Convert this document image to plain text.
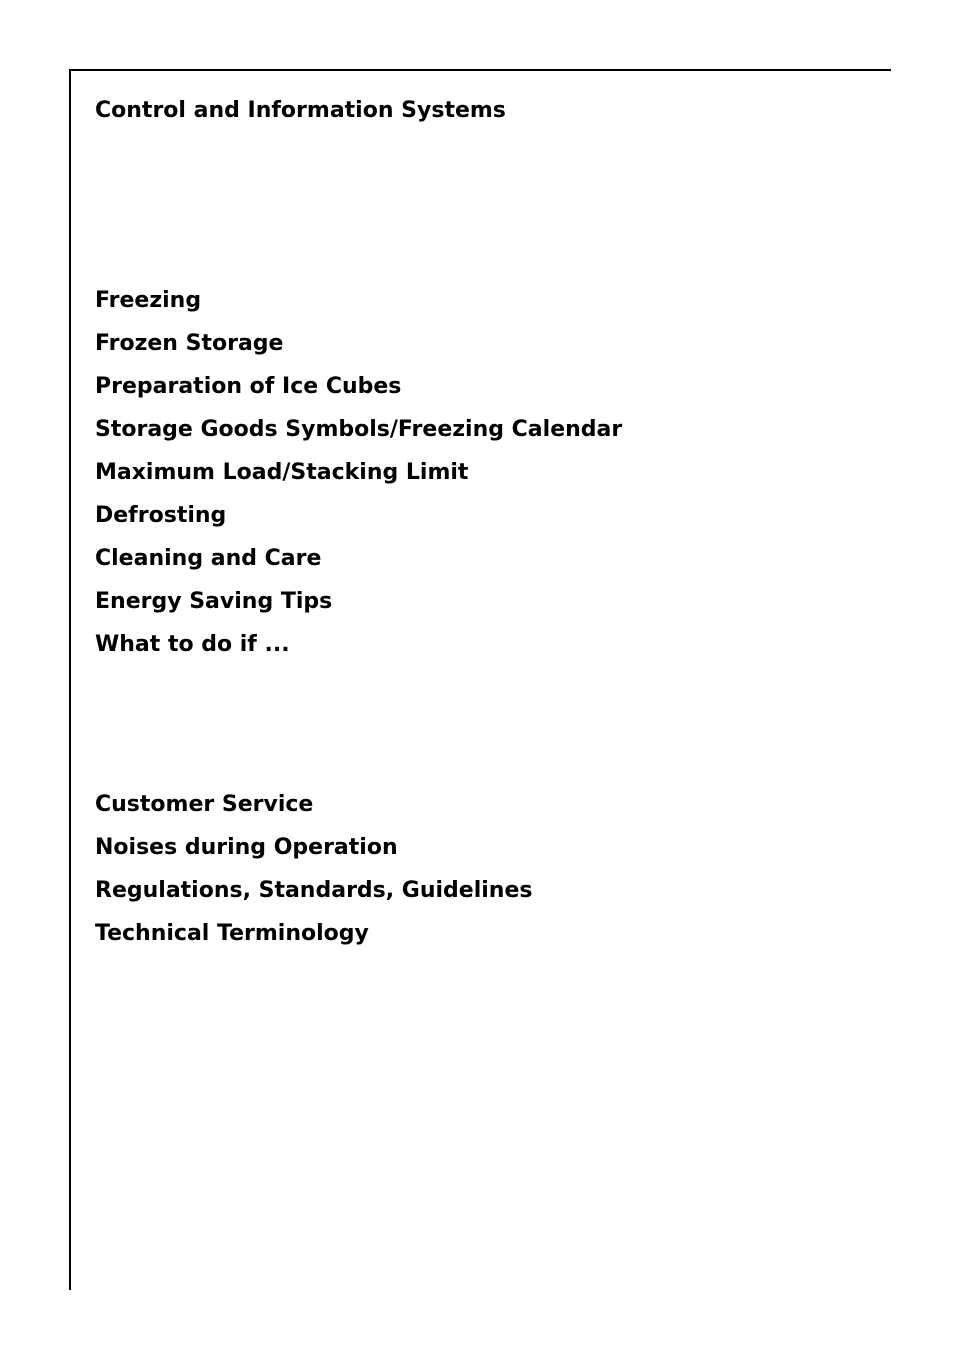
Control and Information Systems
Freezing
Frozen Storage
Preparation of Ice Cubes
Storage Goods Symbols/Freezing Calendar
Maximum Load/Stacking Limit
Defrosting
Cleaning and Care
Energy Saving Tips
What to do if ...
Customer Service
Noises during Operation
Regulations, Standards, Guidelines
Technical Terminology
